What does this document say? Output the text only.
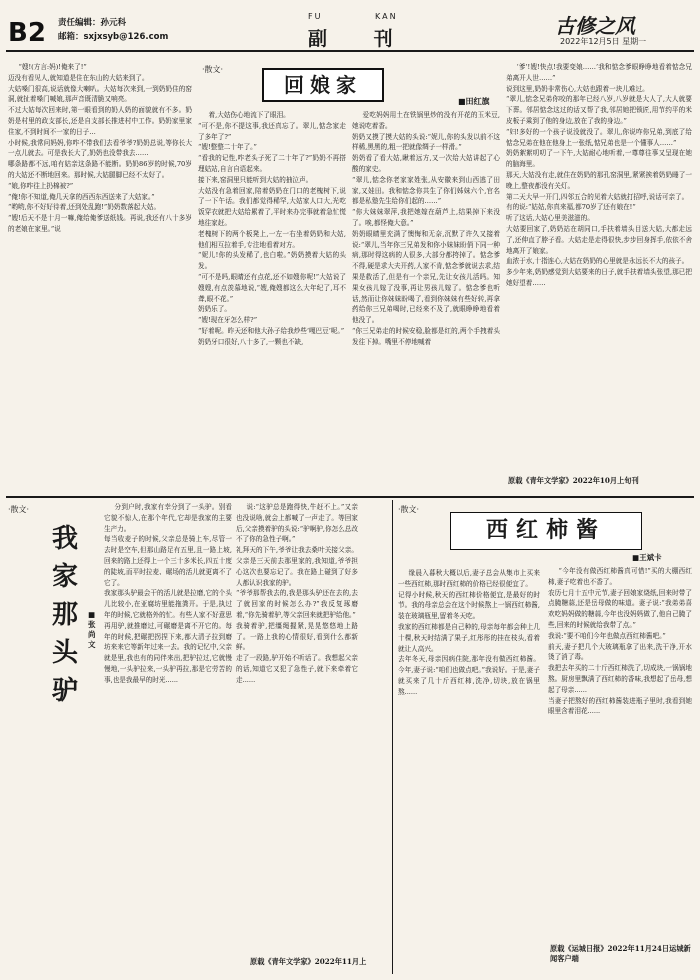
B2 责任编辑：孙元科
邮箱：sxjxsyb@126.com
FU	KAN
副 刊
古修之风
2022年12月5日 星期一
·散文·
回娘家
■田红旗
“嫂!(方言:妈)!俺来了!”
迈没有看见人,就知道是住在东山的大姑来到了。
大姑嗓门很高,说话就像大喇叭。大姑每次来到,一到奶奶住的窑洞,就扯着嗓门喊娘,那声音既清脆又响亮。
不过大姑每次回来时,第一眼看到的奶人奶的面貌就有不多。奶奶是村里的政支部长,还是自支部长推进村中工作。奶奶家里家住家,不到时间不一家的日子…
小时候,我常问妈妈,你咋不带我们去看爷爷?奶奶总说,等你长大一点儿就去。可是我长大了,奶奶也没带我去……
哪条路都不远,咱有姑亲这条路不能断。奶奶86岁的时候,70岁的大姑还不断地回来。那时候,大姑腿脚已经不太好了。
“娘,你咋往上扔棉被?”
“俺!你不知道,俺几天拿的西西东西送来了大姑家。”
“哟哟,你不好好待着,还到处乱跑!”奶奶数落起大姑。
“嫂!后天不是十月一嘛,俺给俺爹送纸钱。再说,我还有八十多岁的老娘在家里。”说
着,大姑伤心地流下了眼泪。
“可不是,你不提这事,我还真忘了。翠儿,惦念家走了多年了?”
“嫂!整整二十年了。”
“看我的记性,咋老头子死了二十年了?”奶奶不再搭理姑站,自言自语起来。
接下来,窑洞里只能听到大姑的抽泣声。
大姑没有急着回家,陪着奶奶在门口的老槐树下,说了一下午话。我们都觉得稀罕,大姑家人口大,光吃饭穿衣就把大姑给累着了,平时来办完事就着急忙慌地往家赶。
老槐树下的两个板凳上,一左一右坐着奶奶和大姑,他们相互拉着手,专注地看着对方。
“妮儿!你的头发稀了,也白啦。”奶奶摸着大姑的头发。
“可不是吗,眼睛还有点花,还不如嫂你呢!”大姑说了嫂嫂,有点羡慕地说,“嫂,俺嫂都这么大年纪了,耳不聋,眼不花。”
奶奶乐了。
“嫂!现在牙怎么样?”
“好着呢。昨天还和他大孙子给我炒些‘嘎巴豆’呢。”
奶奶牙口很好,八十多了,一颗也不缺,
爱吃妈妈用土在铁锅里炒的没有开花的玉米豆,她说吃着香。
奶奶又摸了摸大姑的头说:“妮儿,你的头发以前不这样稀,黑黑的,粗一把就像绸子一样滑。”
奶奶看了看大姑,瞅着远方,又一次给大姑讲起了心酸的家史。
“翠儿,惦念你老家家姓张,从安徽来到山西逃了田家,又娃田。我和惦念你共生了你们姊妹六个,官名都是私塾先生给你们起的……”
“你大妹妹翠萍,我把她嫁在葫芦上,结果掉下来没了。唉,都怪俺大意。”
奶奶眼睛里充满了懊悔和无奈,沉默了许久又接着说:“翠儿,当年你三兄弟发和你小妹妹盼俏下同一种病,那时得这病的人很多,大部分都挎掉了。惦念爹不得,硬是求大夫开药,人家不肯,惦念爹就说去求,结果是救活了,但是有一个亲兄,先让女孩儿活吗。知果女孩儿嫁了没事,再让男孩儿嫁了。惦念爹也听话,然而让你妹妹盼喝了,看到你妹妹有些好转,再拿药给你三兄弟喝时,已经来不及了,就眼睁睁地看着他没了。
“你三兄弟走的时候安稳,脸都是红的,两个手拽着头发往下掉。嘴里不停地喊着
‘爹’!嫂!快点!我要变娘……’我和惦念爹眼睁睁地看着惦念兄弟离开人世……”
说到这里,奶奶非常伤心,大姑也跟着一块儿难过。
“翠儿,惦念兄弟你咬的那年已经八岁,八岁就是大人了,大人就要下葬。邻居惦念这过的话又帮了我,邻居她把锁匠,用节约平的米皮板子乘到了他的身边,放在了我的身边。”
“妇!多好的一个孩子说没就没了。翠儿,你说咋你兄弟,到底了给惦念兄弟在他在他身上一张纸,惦兄弟也是一个懂事人……”
奶奶絮絮叨叨了一下午,大姑耐心地听着,一尊尊往事又呈现在她的脑海里。
那天,大姑没有走,就住在奶奶的那孔窑洞里,紧紧挨着奶奶睡了一晚上,整夜都没有关灯。
第二天大早一开门,四邻五合的见着大姑就打招呼,说话可亲了。
有的说:“姑姑,你真来福,都70岁了还有娘在!”
听了这话,大姑心里美滋滋的。
大姑要回家了,奶奶站在胡同口,手扶着墙头目送大姑,大都走远了,还伸直了脖子看。大姑走是走得很快,步步回身挥手,依依不舍地离开了娘家。
血浓于水,十指连心,大姑在奶奶的心里就是永远长不大的孩子。
多少年来,奶奶感觉到大姑要来的日子,就手扶着墙头张望,那已把她好望着……
原载《青年文学家》2022年10月上旬刊
·散文·
我家那头驴
■张尚文
分到户时,我家有幸分到了一头驴。别看它貌不惊人,在那个年代,它却是我家的主要生产力。
每当收麦子的时候,父亲总是骑上车,尽管一去时是空车,但那山路足有五里,且一路上坡,回来的路上还得上一个三十多米长,四五十度的陡坡,而平时拉麦、碾场的活儿就更离不了它了。
我家那头驴最会干的活儿就是拉磨,它的个头儿比较小,在亚腐坊里能拖粪开。于是,执过年的时候,它就格外的忙。有些人家不好意思再用驴,就推磨过,可碾磨是离不开它的。每年的时候,把碾把拐捏下来,都大清子拉到磨坊来来它等新年过来一去。我的记忆中,父亲就是里,我也有的同伴来出,把驴拉过,它就慢慢地,一头驴拉来,一头驴再拉,那是它劳苦的事,也是我最早的时光......
说:“这驴总是跑得快,牛赶不上。”又亲也没说啥,就会上都喊了一声走了。等回家后,父亲摸着驴的头说:“驴啊驴,你怎么总改不了你的急性子啊。”
礼拜天的下午,爷爷让我去桑叶关接父亲。父亲是三天前去那里家的,我知道,爷爷担心这次也要忘记了。我在路上碰到了好多人都认识我家的驴。
“爷爷那帮我去的,我是那头驴还在去的,去了就回家的时候怎么办?”我反复琢磨着,“你先骑着驴,等父亲回来就把驴给他。”
我骑着驴,把缰绳握紧,晃晃悠悠地上路了。一路上我的心情很好,看到什么都新鲜。
走了一段路,驴开始不听话了。我想起父亲的话,知道它又犯了急性子,就下来牵着它走......
原载《青年文学家》2022年11月上
·散文·
西红柿酱
■王斌卡
缘晨入暮秋大概以后,妻子总会从集市上买来一些西红柿,那时西红柿的价格已经很便宜了。
记得小时候,秋天的西红柿价格便宜,是最好的时节。我的母亲总会在这个时候熬上一锅西红柿酱,装在玻璃瓶里,留着冬天吃。
我家的西红柿都是自己种的,母亲每年都会种上几十棵,秋天时结满了果子,红彤彤的挂在枝头,看着就让人高兴。
去年冬天,母亲因病住院,那年没有做西红柿酱。今年,妻子说:“咱们也做点吧。”我说好。于是,妻子就买来了几十斤西红柿,洗净,切块,放在锅里熬......
“今年没有做西红柿酱真可惜!”买的大棚西红柿,妻子吃着也不香了。
农历七月十五中元节,妻子回娘家烧纸,回来时带了点腌糖蒜,还是岳母做的味道。妻子说:“我弟弟喜欢吃妈妈做的糖蒜,今年也没妈妈做了,他自己腌了些,回来的时候就给我带了点。”
我说:“要不咱们今年也做点西红柿酱吧。”
前天,妻子把几个大玻璃瓶拿了出来,洗干净,开水烫了消了毒。
我把去年买的二十斤西红柿洗了,切成块,一锅锅地熬。厨房里飘满了西红柿的香味,我想起了岳母,想起了母亲......
当妻子把熬好的西红柿酱装进瓶子里时,我看到她眼里含着泪花......
原载《运城日报》2022年11月24日运城新闻客户端
